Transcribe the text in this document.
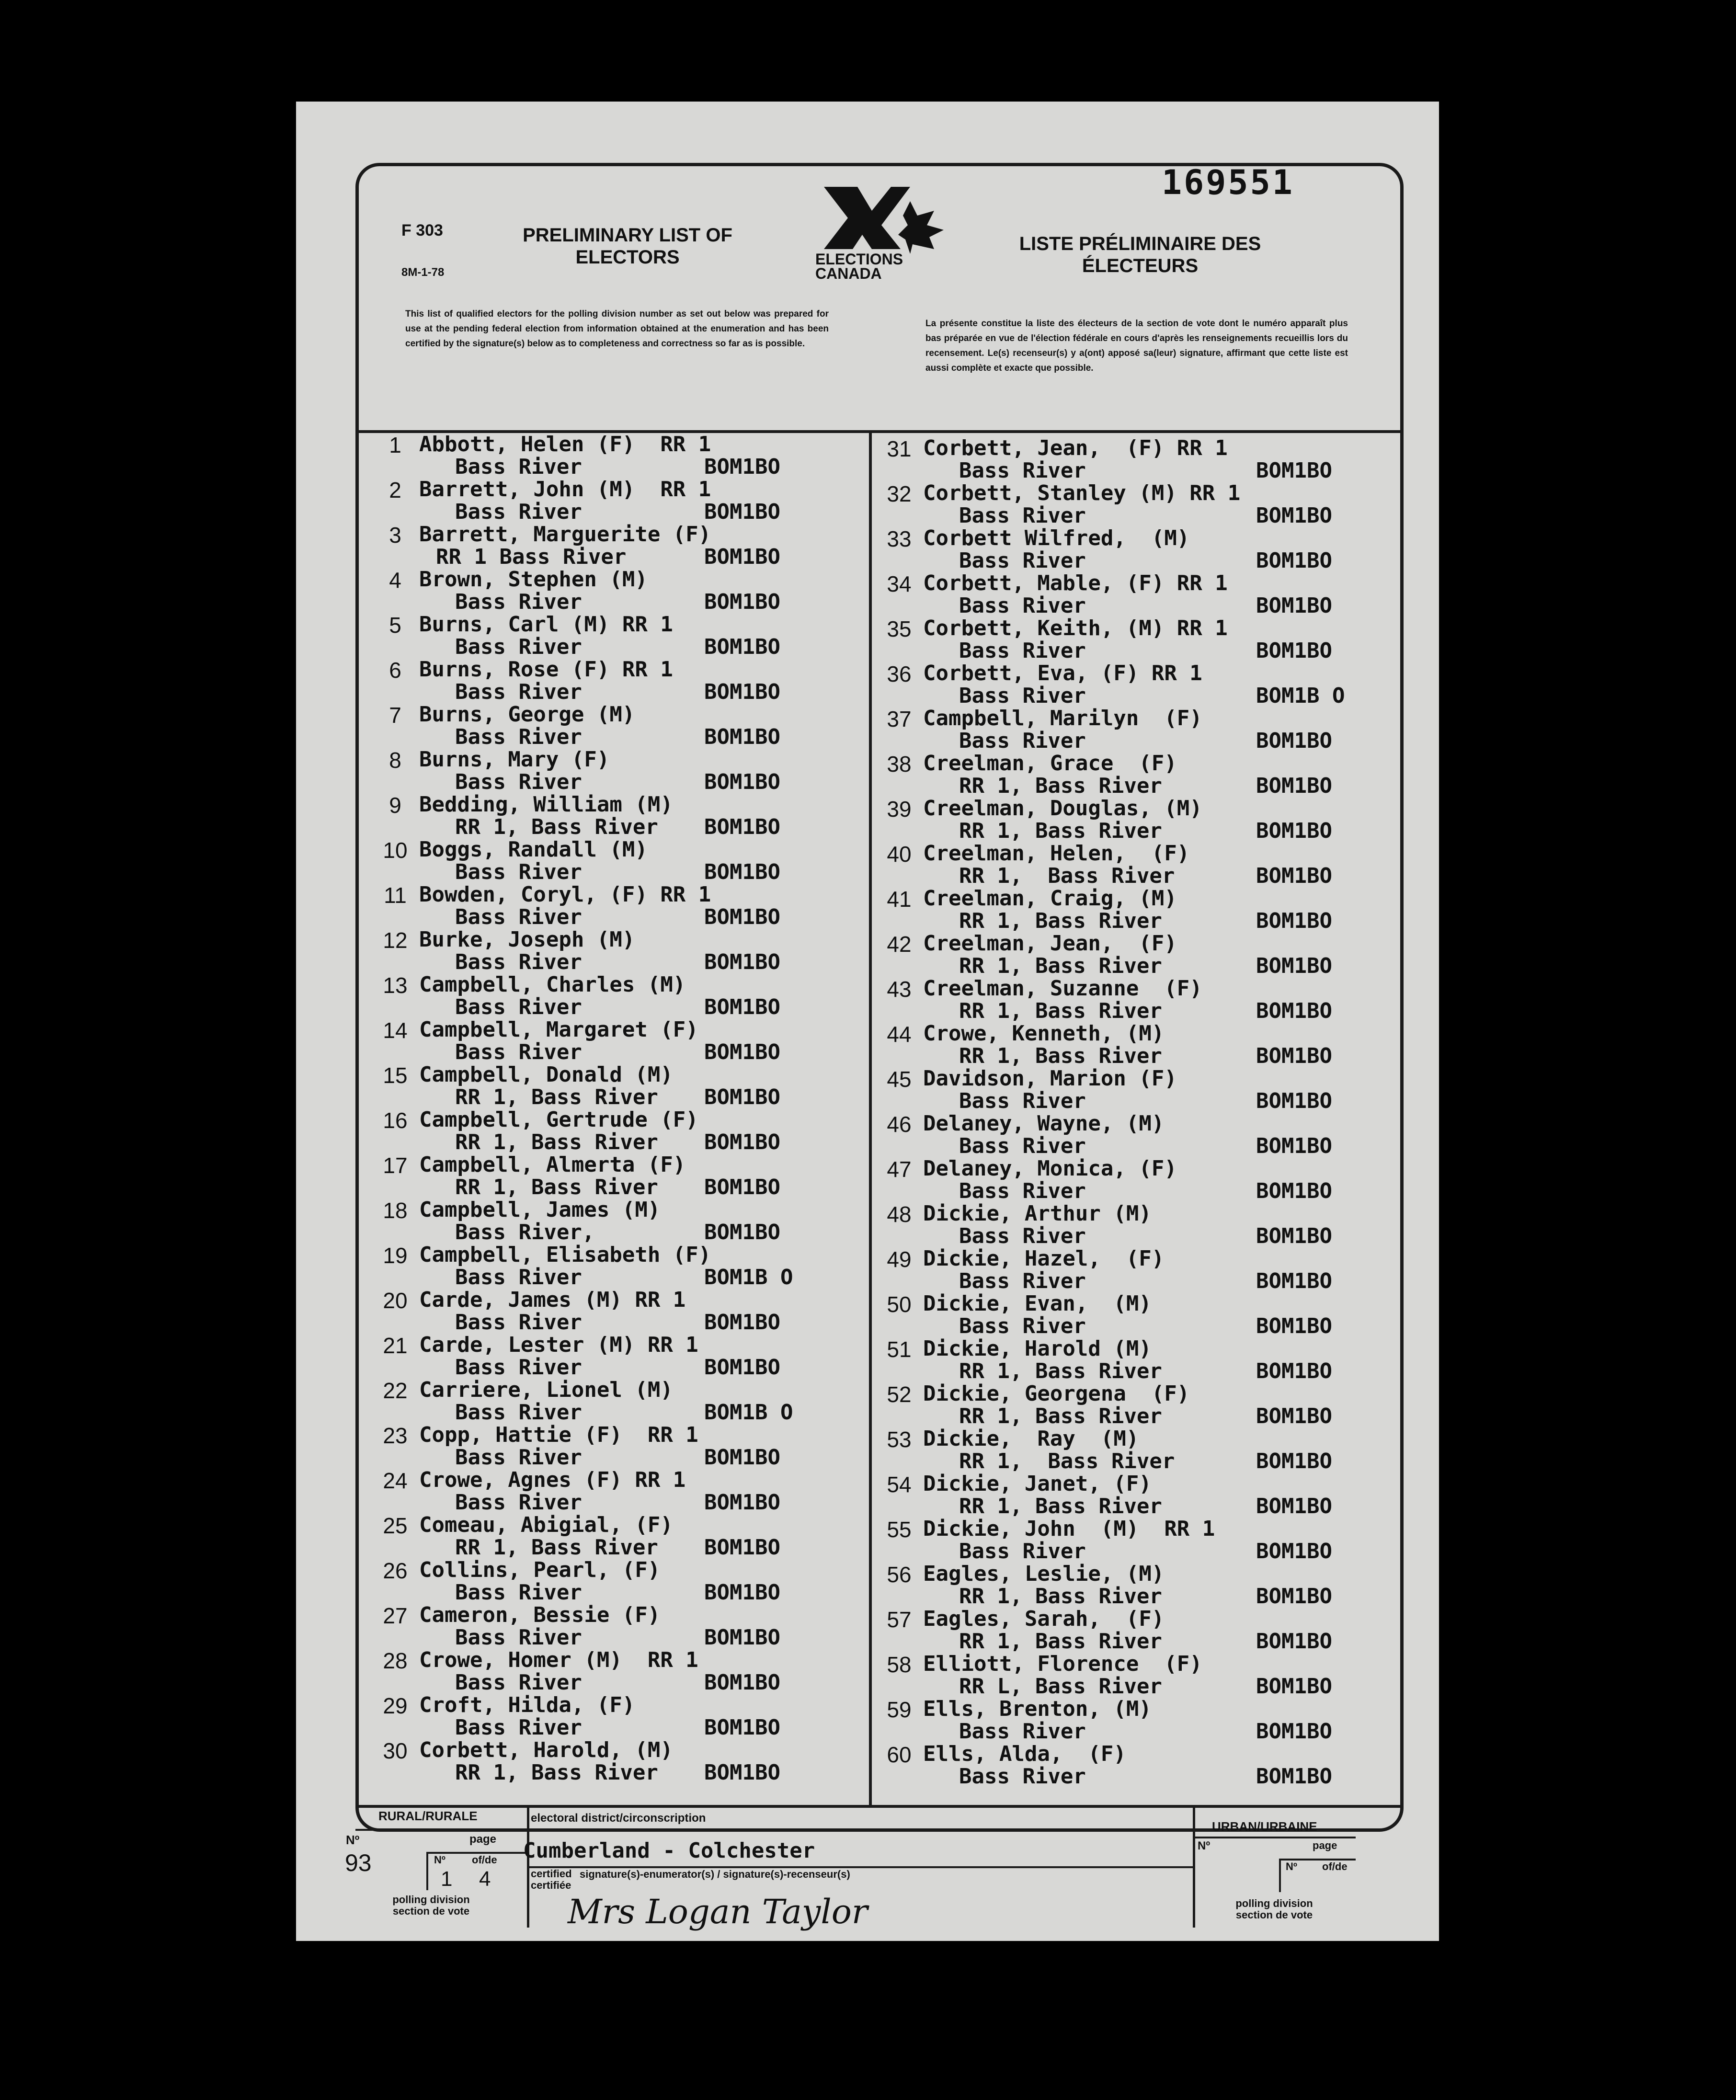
169551
F 303
8M-1-78
PRELIMINARY LIST OF ELECTORS
LISTE PRÉLIMINAIRE DES ÉLECTEURS
ELECTIONS CANADA
This list of qualified electors for the polling division number as set out below was prepared for use at the pending federal election from information obtained at the enumeration and has been certified by the signature(s) below as to completeness and correctness so far as is possible.
La présente constitue la liste des électeurs de la section de vote dont le numéro apparaît plus bas préparée en vue de l'élection fédérale en cours d'après les renseignements recueillis lors du recensement. Le(s) recenseur(s) y a(ont) apposé sa(leur) signature, affirmant que cette liste est aussi complète et exacte que possible.
1 Abbott, Helen (F)  RR 1
Bass River	BOM1BO
2 Barrett, John (M)  RR 1
Bass River	BOM1BO
3 Barrett, Marguerite (F)
RR 1 Bass River	BOM1BO
4 Brown, Stephen (M)
Bass River	BOM1BO
5 Burns, Carl (M) RR 1
Bass River	BOM1BO
6 Burns, Rose (F) RR 1
Bass River	BOM1BO
7 Burns, George (M)
Bass River	BOM1BO
8 Burns, Mary (F)
Bass River	BOM1BO
9 Bedding, William (M)
RR 1, Bass River BOM1BO
10 Boggs, Randall (M)
Bass River	BOM1BO
11 Bowden, Coryl, (F) RR 1
Bass River	BOM1BO
12 Burke, Joseph (M)
Bass River	BOM1BO
13 Campbell, Charles (M)
Bass River	BOM1BO
14 Campbell, Margaret (F)
Bass River	BOM1BO
15 Campbell, Donald (M)
RR 1, Bass River BOM1BO
16 Campbell, Gertrude (F)
RR 1, Bass River BOM1BO
17 Campbell, Almerta (F)
RR 1, Bass River BOM1BO
18 Campbell, James (M)
Bass River,	BOM1BO
19 Campbell, Elisabeth (F)
Bass River	BOM1B O
20 Carde, James (M) RR 1
Bass River	BOM1BO
21 Carde, Lester (M) RR 1
Bass River	BOM1BO
22 Carriere, Lionel (M)
Bass River	BOM1B O
23 Copp, Hattie (F)  RR 1
Bass River	BOM1BO
24 Crowe, Agnes (F) RR 1
Bass River	BOM1BO
25 Comeau, Abigial, (F)
RR 1, Bass River BOM1BO
26 Collins, Pearl, (F)
Bass River	BOM1BO
27 Cameron, Bessie (F)
Bass River	BOM1BO
28 Crowe, Homer (M)  RR 1
Bass River	BOM1BO
29 Croft, Hilda, (F)
Bass River	BOM1BO
30 Corbett, Harold, (M)
RR 1, Bass River BOM1BO
31 Corbett, Jean,  (F) RR 1
Bass River	BOM1BO
32 Corbett, Stanley (M) RR 1
Bass River	BOM1BO
33 Corbett Wilfred,  (M)
Bass River	BOM1BO
34 Corbett, Mable, (F) RR 1
Bass River	BOM1BO
35 Corbett, Keith, (M) RR 1
Bass River	BOM1BO
36 Corbett, Eva, (F) RR 1
Bass River	BOM1B O
37 Campbell, Marilyn  (F)
Bass River	BOM1BO
38 Creelman, Grace  (F)
RR 1, Bass River	BOM1BO
39 Creelman, Douglas, (M)
RR 1, Bass River	BOM1BO
40 Creelman, Helen,  (F)
RR 1,  Bass River	BOM1BO
41 Creelman, Craig, (M)
RR 1, Bass River	BOM1BO
42 Creelman, Jean,  (F)
RR 1, Bass River	BOM1BO
43 Creelman, Suzanne  (F)
RR 1, Bass River	BOM1BO
44 Crowe, Kenneth, (M)
RR 1, Bass River	BOM1BO
45 Davidson, Marion (F)
Bass River	BOM1BO
46 Delaney, Wayne, (M)
Bass River	BOM1BO
47 Delaney, Monica, (F)
Bass River	BOM1BO
48 Dickie, Arthur (M)
Bass River	BOM1BO
49 Dickie, Hazel,  (F)
Bass River	BOM1BO
50 Dickie, Evan,  (M)
Bass River	BOM1BO
51 Dickie, Harold (M)
RR 1, Bass River	BOM1BO
52 Dickie, Georgena  (F)
RR 1, Bass River	BOM1BO
53 Dickie,  Ray  (M)
RR 1,  Bass River	BOM1BO
54 Dickie, Janet, (F)
RR 1, Bass River	BOM1BO
55 Dickie, John  (M)  RR 1
Bass River	BOM1BO
56 Eagles, Leslie, (M)
RR 1, Bass River	BOM1BO
57 Eagles, Sarah,  (F)
RR 1, Bass River	BOM1BO
58 Elliott, Florence  (F)
RR L, Bass River	BOM1BO
59 Ells, Brenton, (M)
Bass River	BOM1BO
60 Ells, Alda,  (F)
Bass River	BOM1BO
RURAL/RURALE
Nº
93
page
Nº	of/de
1 4
polling division section de vote
electoral district/circonscription
Cumberland - Colchester
certified certifiée
signature(s)-enumerator(s) / signature(s)-recenseur(s)
Mrs Logan Taylor
URBAN/URBAINE
Nº	page
Nº of/de
polling division section de vote
